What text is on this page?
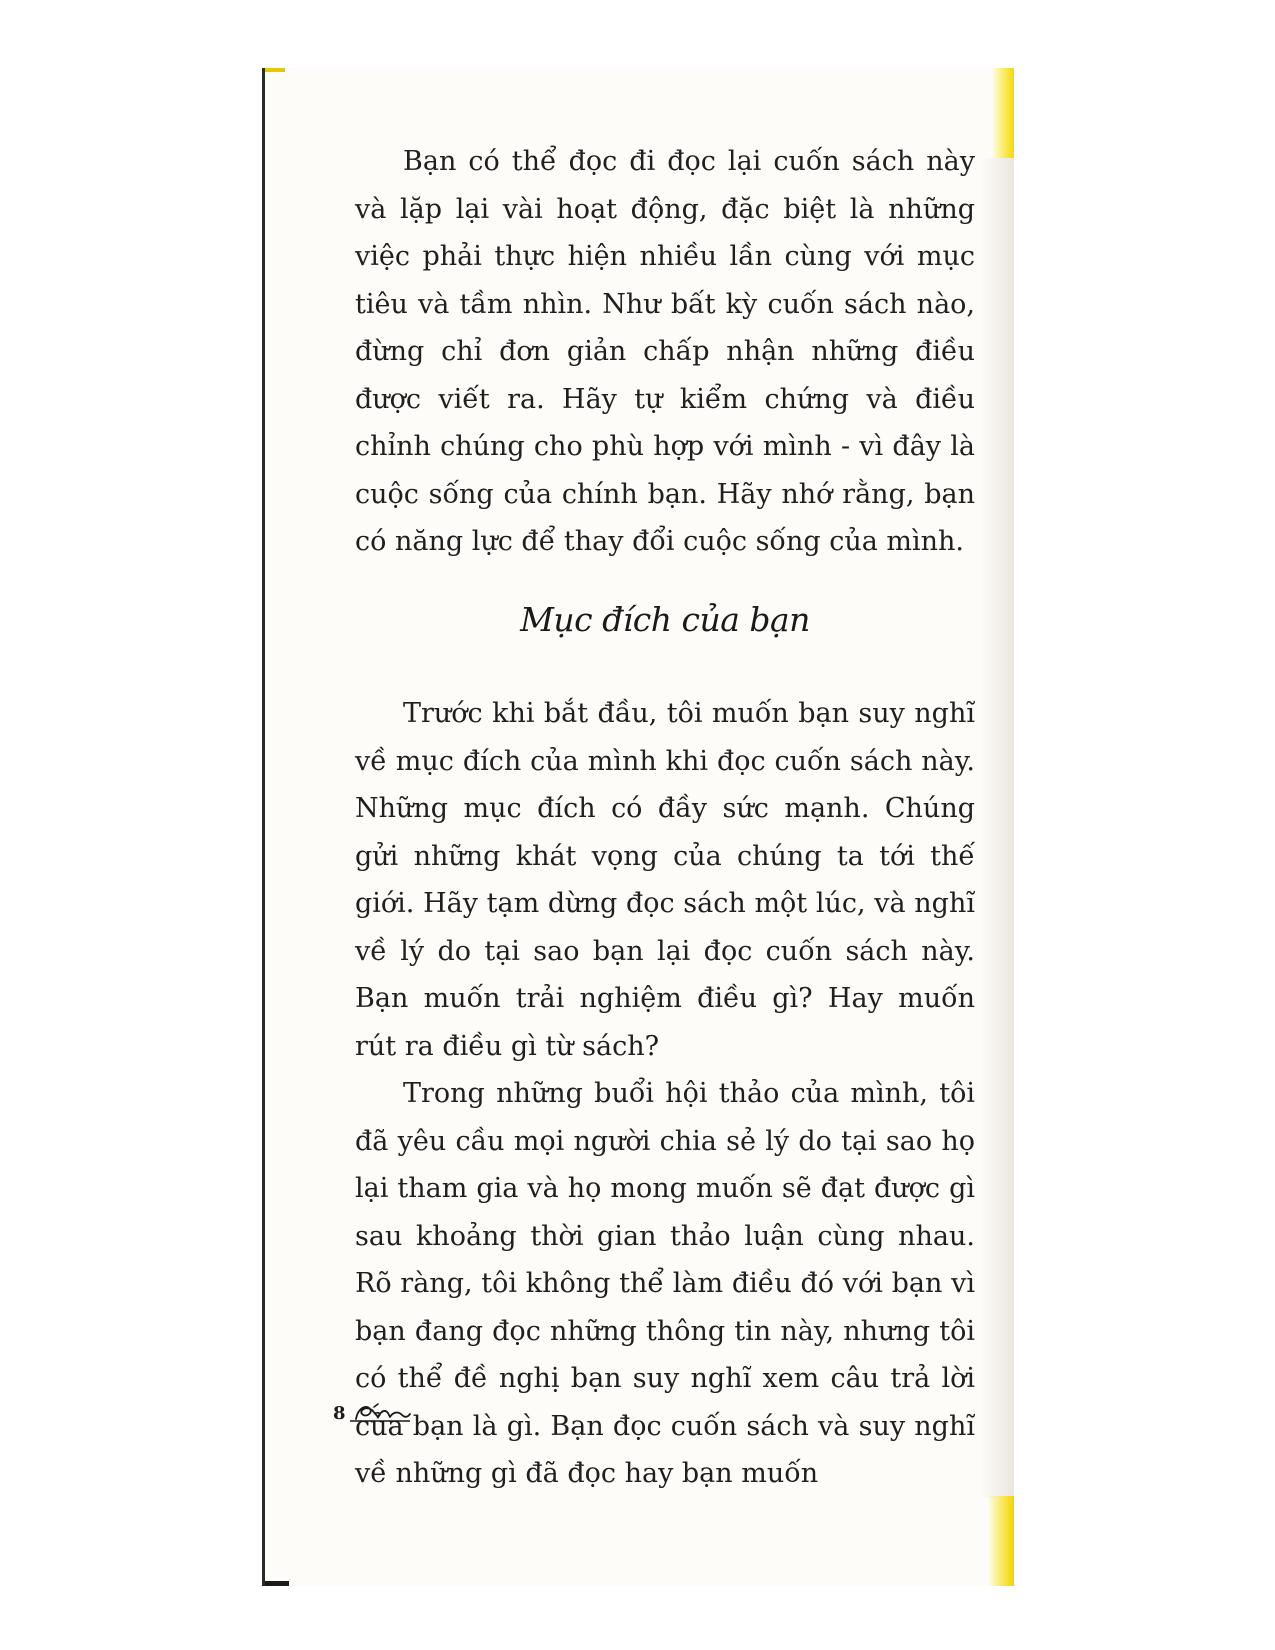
Bạn có thể đọc đi đọc lại cuốn sách này và lặp lại vài hoạt động, đặc biệt là những việc phải thực hiện nhiều lần cùng với mục tiêu và tầm nhìn. Như bất kỳ cuốn sách nào, đừng chỉ đơn giản chấp nhận những điều được viết ra. Hãy tự kiểm chứng và điều chỉnh chúng cho phù hợp với mình - vì đây là cuộc sống của chính bạn. Hãy nhớ rằng, bạn có năng lực để thay đổi cuộc sống của mình.

Mục đích của bạn

Trước khi bắt đầu, tôi muốn bạn suy nghĩ về mục đích của mình khi đọc cuốn sách này. Những mục đích có đầy sức mạnh. Chúng gửi những khát vọng của chúng ta tới thế giới. Hãy tạm dừng đọc sách một lúc, và nghĩ về lý do tại sao bạn lại đọc cuốn sách này. Bạn muốn trải nghiệm điều gì? Hay muốn rút ra điều gì từ sách?

Trong những buổi hội thảo của mình, tôi đã yêu cầu mọi người chia sẻ lý do tại sao họ lại tham gia và họ mong muốn sẽ đạt được gì sau khoảng thời gian thảo luận cùng nhau. Rõ ràng, tôi không thể làm điều đó với bạn vì bạn đang đọc những thông tin này, nhưng tôi có thể đề nghị bạn suy nghĩ xem câu trả lời của bạn là gì. Bạn đọc cuốn sách và suy nghĩ về những gì đã đọc hay bạn muốn

8
